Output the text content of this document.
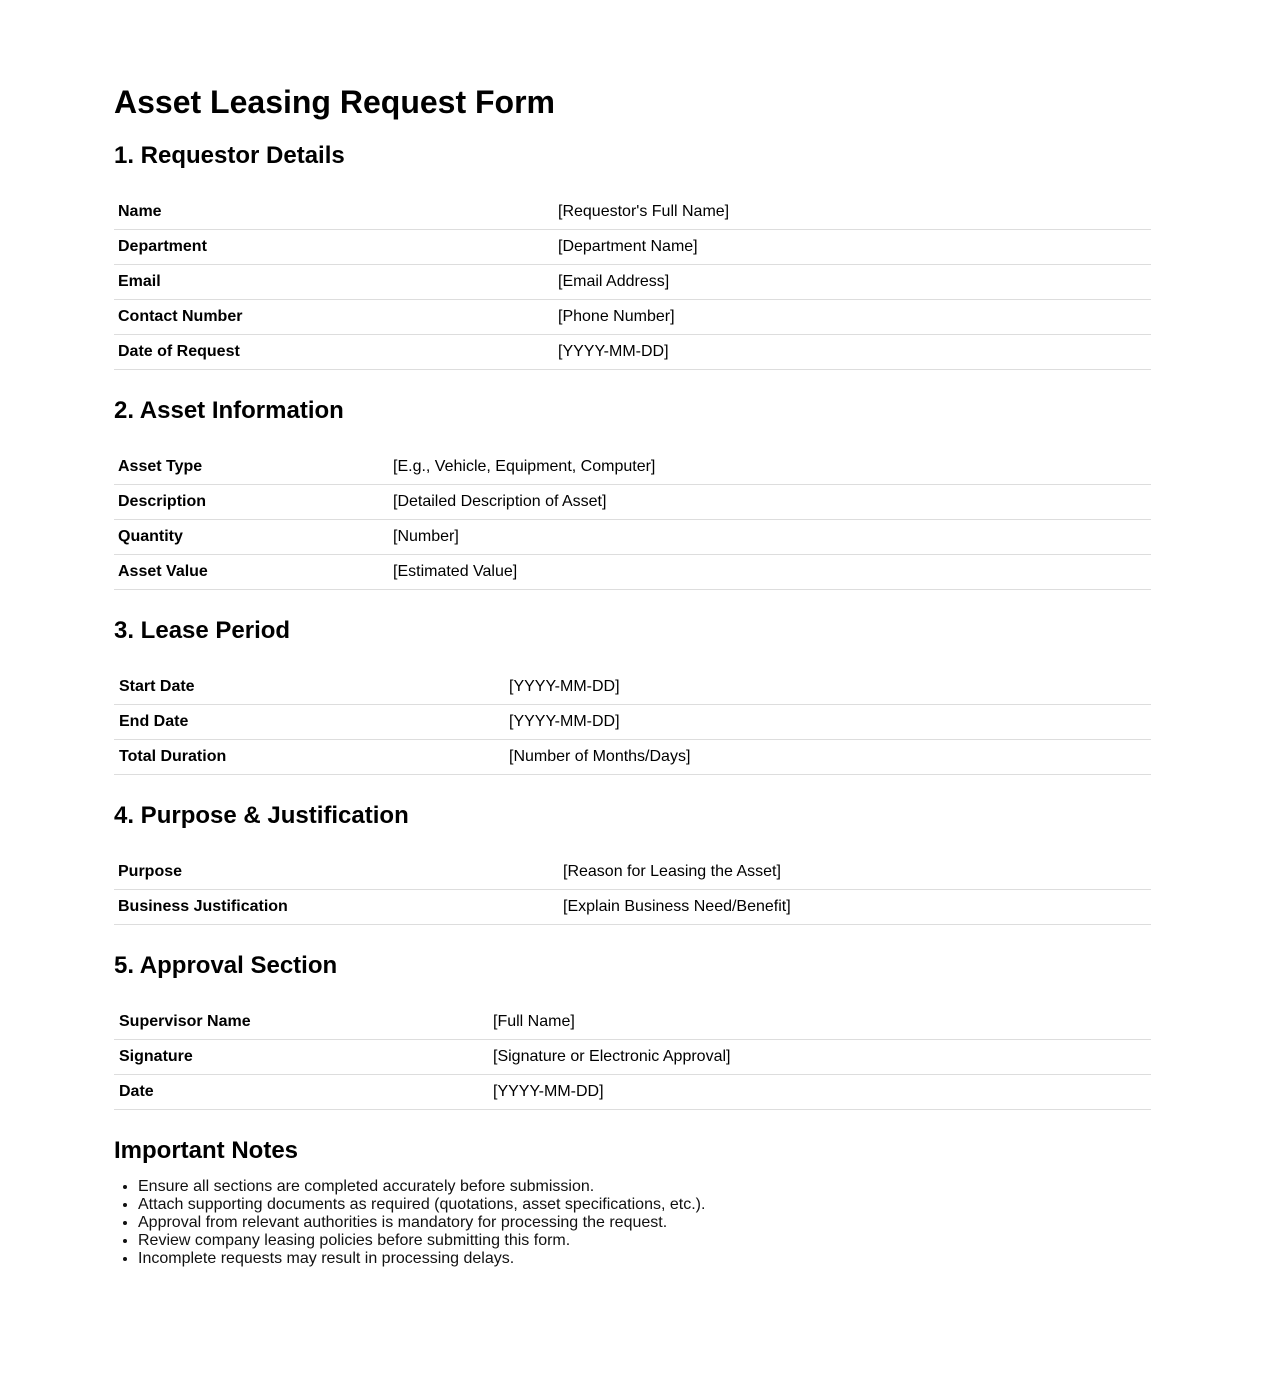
Asset Leasing Request Form
1. Requestor Details
Name	[Requestor's Full Name]
Department	[Department Name]
Email	[Email Address]
Contact Number	[Phone Number]
Date of Request	[YYYY-MM-DD]
2. Asset Information
Asset Type	[E.g., Vehicle, Equipment, Computer]
Description	[Detailed Description of Asset]
Quantity	[Number]
Asset Value	[Estimated Value]
3. Lease Period
Start Date	[YYYY-MM-DD]
End Date	[YYYY-MM-DD]
Total Duration	[Number of Months/Days]
4. Purpose & Justification
Purpose	[Reason for Leasing the Asset]
Business Justification	[Explain Business Need/Benefit]
5. Approval Section
Supervisor Name	[Full Name]
Signature	[Signature or Electronic Approval]
Date	[YYYY-MM-DD]
Important Notes
• Ensure all sections are completed accurately before submission.
• Attach supporting documents as required (quotations, asset specifications, etc.).
• Approval from relevant authorities is mandatory for processing the request.
• Review company leasing policies before submitting this form.
• Incomplete requests may result in processing delays.
